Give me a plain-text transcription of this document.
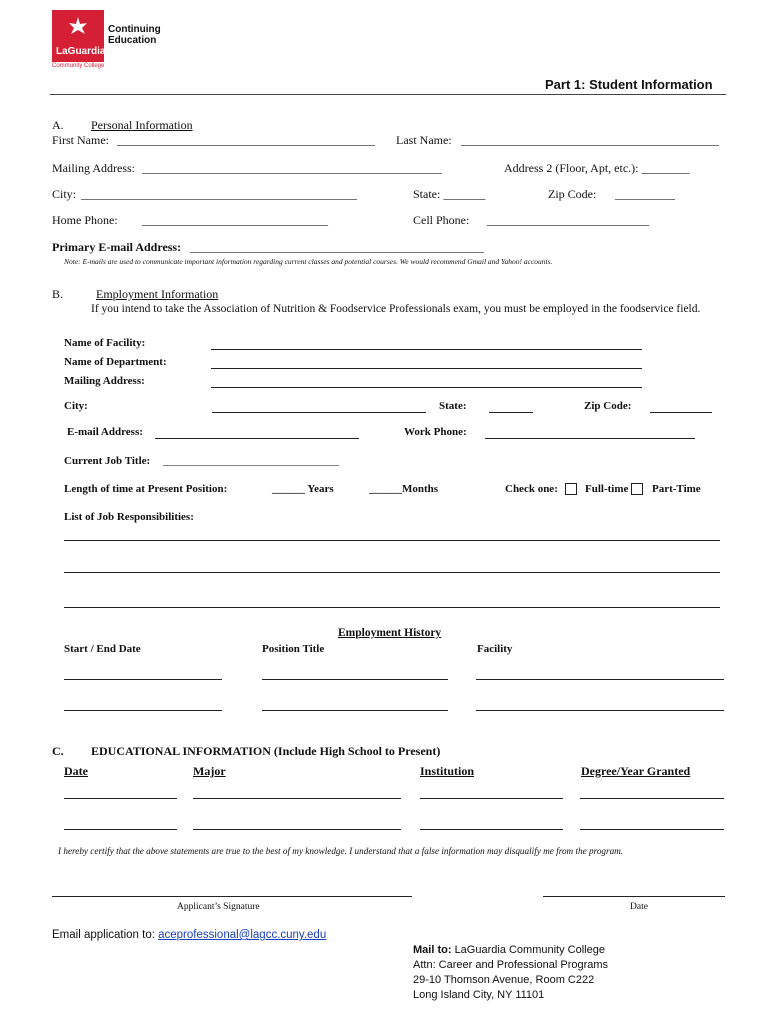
LaGuardia
Community College
Continuing Education
Part 1: Student Information
A. Personal Information
First Name: ___________________________________________ Last Name: ___________________________________________
Mailing Address: __________________________________________________	Address 2 (Floor, Apt, etc.): ________
City: ______________________________________________	State: _______	Zip Code: __________
Home Phone: _______________________________	Cell Phone: ___________________________
Primary E-mail Address: _________________________________________________
Note: E-mails are used to communicate important information regarding current classes and potential courses. We would recommend Gmail and Yahoo! accounts.
B.	Employment Information
If you intend to take the Association of Nutrition & Foodservice Professionals exam, you must be employed in the foodservice field.
Name of Facility:
Name of Department:
Mailing Address:
City:	State:	Zip Code:
E-mail Address:	Work Phone:
Current Job Title: ________________________________
Length of time at Present Position:	______ Years	______Months	Check one: Full-time Part-Time
List of Job Responsibilities:
Employment History
Start / End Date	Position Title	Facility
C. EDUCATIONAL INFORMATION (Include High School to Present)
Date	Major	Institution	Degree/Year Granted
I hereby certify that the above statements are true to the best of my knowledge. I understand that a false information may disqualify me from the program.
Applicant’s Signature	Date
Email application to: aceprofessional@lagcc.cuny.edu
Mail to: LaGuardia Community College
Attn: Career and Professional Programs
29-10 Thomson Avenue, Room C222
Long Island City, NY 11101
